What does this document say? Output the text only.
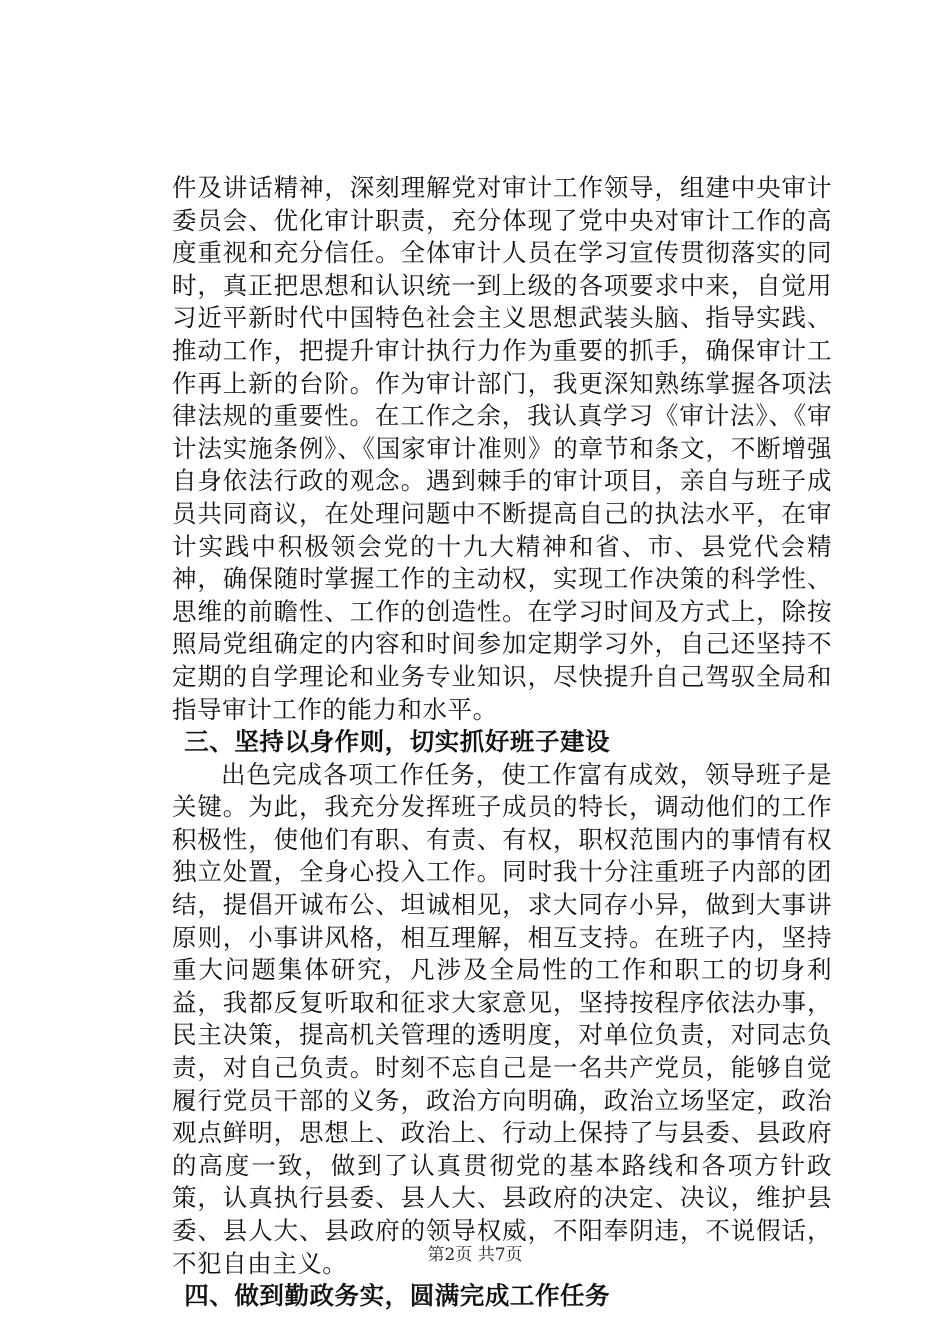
件及讲话精神，深刻理解党对审计工作领导，组建中央审计委员会、优化审计职责，充分体现了党中央对审计工作的高度重视和充分信任。全体审计人员在学习宣传贯彻落实的同时，真正把思想和认识统一到上级的各项要求中来，自觉用习近平新时代中国特色社会主义思想武装头脑、指导实践、推动工作，把提升审计执行力作为重要的抓手，确保审计工作再上新的台阶。作为审计部门，我更深知熟练掌握各项法律法规的重要性。在工作之余，我认真学习《审计法》、《审计法实施条例》、《国家审计准则》的章节和条文，不断增强自身依法行政的观念。遇到棘手的审计项目，亲自与班子成员共同商议，在处理问题中不断提高自己的执法水平，在审计实践中积极领会党的十九大精神和省、市、县党代会精神，确保随时掌握工作的主动权，实现工作决策的科学性、思维的前瞻性、工作的创造性。在学习时间及方式上，除按照局党组确定的内容和时间参加定期学习外，自己还坚持不定期的自学理论和业务专业知识，尽快提升自己驾驭全局和指导审计工作的能力和水平。

三、坚持以身作则，切实抓好班子建设

出色完成各项工作任务，使工作富有成效，领导班子是关键。为此，我充分发挥班子成员的特长，调动他们的工作积极性，使他们有职、有责、有权，职权范围内的事情有权独立处置，全身心投入工作。同时我十分注重班子内部的团结，提倡开诚布公、坦诚相见，求大同存小异，做到大事讲原则，小事讲风格，相互理解，相互支持。在班子内，坚持重大问题集体研究，凡涉及全局性的工作和职工的切身利益，我都反复听取和征求大家意见，坚持按程序依法办事，民主决策，提高机关管理的透明度，对单位负责，对同志负责，对自己负责。时刻不忘自己是一名共产党员，能够自觉履行党员干部的义务，政治方向明确，政治立场坚定，政治观点鲜明，思想上、政治上、行动上保持了与县委、县政府的高度一致，做到了认真贯彻党的基本路线和各项方针政策，认真执行县委、县人大、县政府的决定、决议，维护县委、县人大、县政府的领导权威，不阳奉阴违，不说假话，不犯自由主义。

四、做到勤政务实，圆满完成工作任务
第2页 共7页
